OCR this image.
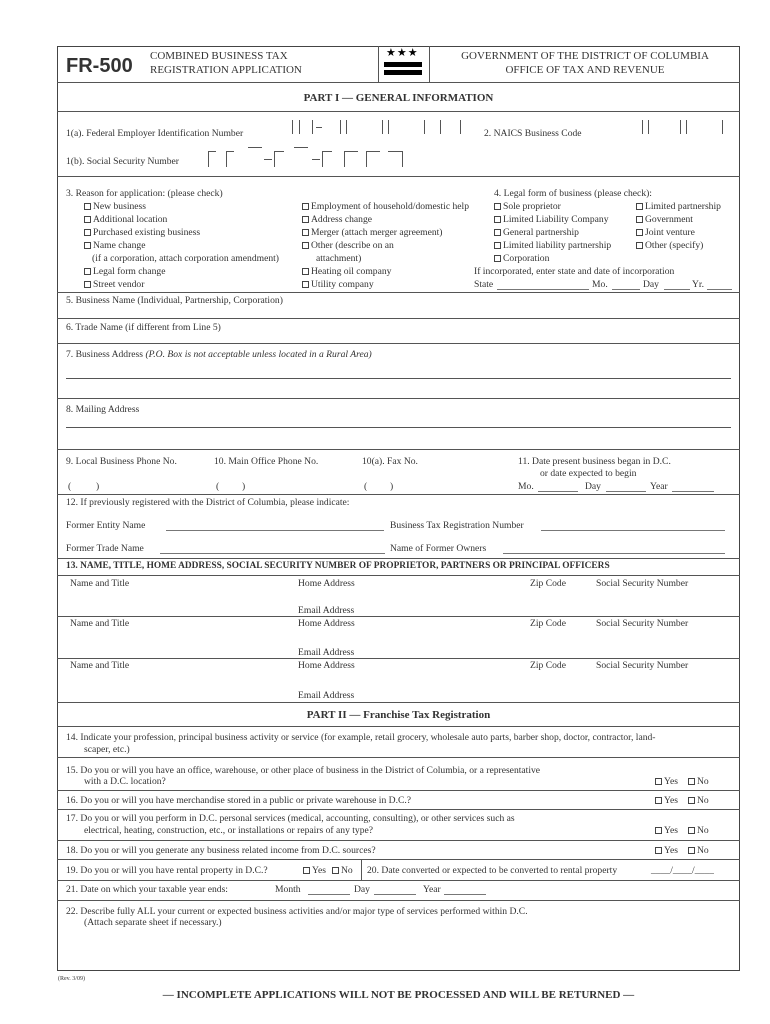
FR-500 COMBINED BUSINESS TAX
REGISTRATION APPLICATION
★★★	GOVERNMENT OF THE DISTRICT OF COLUMBIA
OFFICE OF TAX AND REVENUE
PART I — GENERAL INFORMATION
1(a). Federal Employer Identification Number	2. NAICS Business Code
1(b). Social Security Number
3. Reason for application: (please check)
New business
Additional location
Purchased existing business
Name change
(if a corporation, attach corporation amendment)
Legal form change
Street vendor
Employment of household/domestic help
Address change
Merger (attach merger agreement)
Other (describe on an
attachment)
Heating oil company
Utility company
4. Legal form of business (please check):
Sole proprietor
Limited Liability Company
General partnership
Limited liability partnership
Corporation
Limited partnership
Government
Joint venture
Other (specify)
If incorporated, enter state and date of incorporation
State	Mo.	Day	Yr.
5. Business Name (Individual, Partnership, Corporation)
6. Trade Name (if different from Line 5)
7. Business Address (P.O. Box is not acceptable unless located in a Rural Area)
8. Mailing Address
9. Local Business Phone No.	10. Main Office Phone No.	10(a). Fax No.	11. Date present business began in D.C.
or date expected to begin
(	)	( )	( )	Mo.	Day	Year
12. If previously registered with the District of Columbia, please indicate:
Former Entity Name	Business Tax Registration Number
Former Trade Name	Name of Former Owners
13. NAME, TITLE, HOME ADDRESS, SOCIAL SECURITY NUMBER OF PROPRIETOR, PARTNERS OR PRINCIPAL OFFICERS
Name and Title	Home Address	Zip Code	Social Security Number
Email Address
Name and Title	Home Address	Zip Code	Social Security Number
Email Address
Name and Title	Home Address	Zip Code	Social Security Number
Email Address
PART II — Franchise Tax Registration
14. Indicate your profession, principal business activity or service (for example, retail grocery, wholesale auto parts, barber shop, doctor, contractor, land-
scaper, etc.)
15. Do you or will you have an office, warehouse, or other place of business in the District of Columbia, or a representative
with a D.C. location?	Yes	No
16. Do you or will you have merchandise stored in a public or private warehouse in D.C.?	Yes	No
17. Do you or will you perform in D.C. personal services (medical, accounting, consulting), or other services such as
electrical, heating, construction, etc., or installations or repairs of any type?	Yes	No
18. Do you or will you generate any business related income from D.C. sources?	Yes	No
19. Do you or will you have rental property in D.C.?	Yes	No 20. Date converted or expected to be converted to rental property	____/____/____
21. Date on which your taxable year ends:	Month	Day	Year
22. Describe fully ALL your current or expected business activities and/or major type of services performed within D.C.
(Attach separate sheet if necessary.)
(Rev. 3/09)
— INCOMPLETE APPLICATIONS WILL NOT BE PROCESSED AND WILL BE RETURNED —
